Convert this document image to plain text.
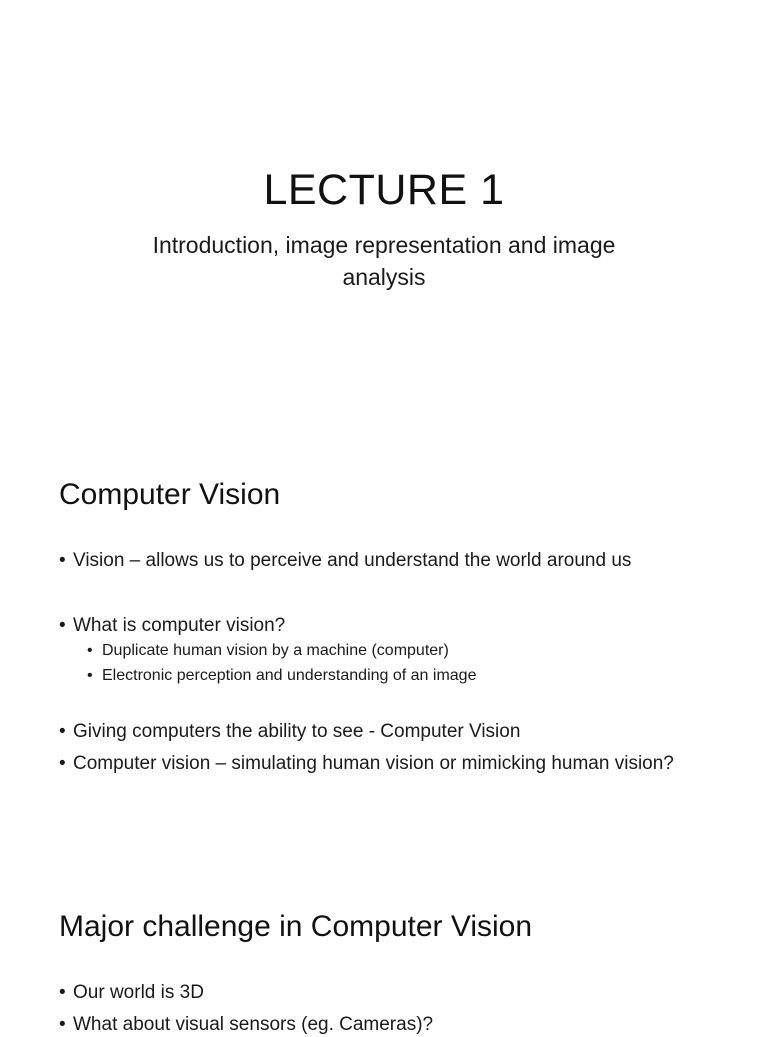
LECTURE 1
Introduction, image representation and image
analysis
Computer Vision
• Vision – allows us to perceive and understand the world around us
• What is computer vision?
• Duplicate human vision by a machine (computer)
• Electronic perception and understanding of an image
• Giving computers the ability to see - Computer Vision
• Computer vision – simulating human vision or mimicking human vision?
Major challenge in Computer Vision
• Our world is 3D
• What about visual sensors (eg. Cameras)?
